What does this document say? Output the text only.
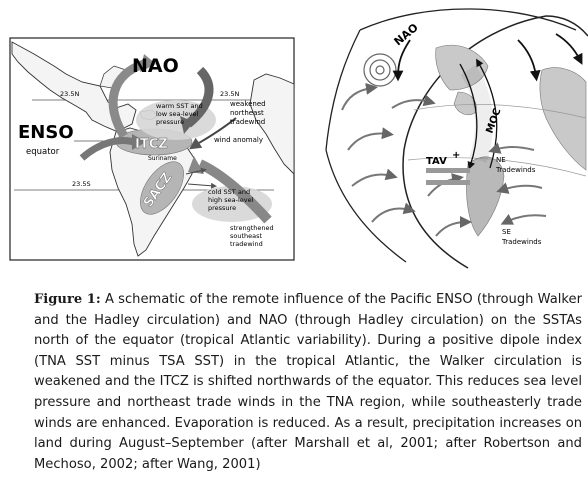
NAO
ENSO
equator	ITCZ
SACZ
23.5N	23.5N
23.5S
warm SST and
low sea-level
pressure
weakened
northeast
tradewind
wind anomaly
Suriname
cold SST and
high sea-level
pressure
strengthened
southeast
tradewind
NAO
MOC
TAV
+	NE
Tradewinds
SE
Tradewinds
Figure 1: A schematic of the remote influence of the Pacific ENSO (through Walker and the Hadley circulation) and NAO (through Hadley circulation) on the SSTAs north of the equator (tropical Atlantic variability). During a positive dipole index (TNA SST minus TSA SST) in the tropical Atlantic, the Walker circulation is weakened and the ITCZ is shifted northwards of the equator. This reduces sea level pressure and northeast trade winds in the TNA region, while southeasterly trade winds are enhanced. Evaporation is reduced. As a result, precipitation increases on land during August–September (after Marshall et al, 2001; after Robertson and Mechoso, 2002; after Wang, 2001)
